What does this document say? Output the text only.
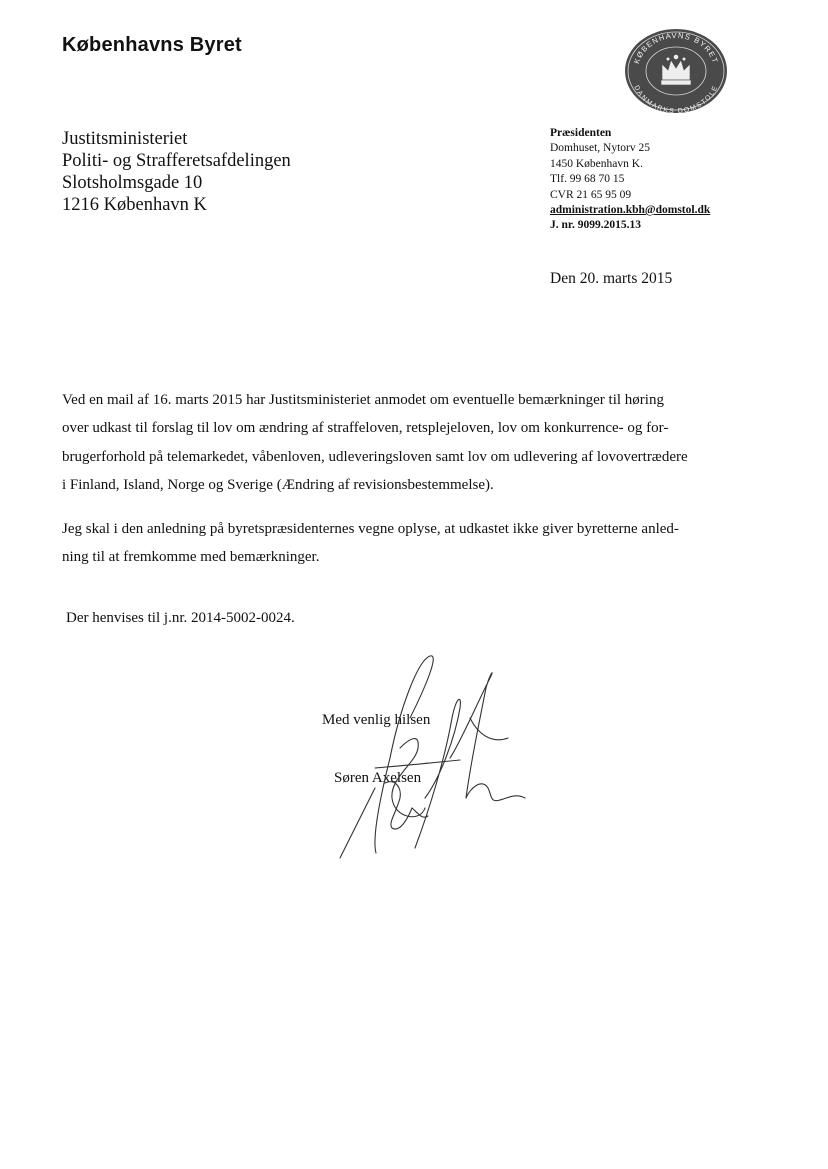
Københavns Byret
KØBENHAVNS BYRET
DANMARKS DOMSTOLE
Justitsministeriet
Politi- og Strafferetsafdelingen
Slotsholmsgade 10
1216 København K
Præsidenten
Domhuset, Nytorv 25
1450 København K.
Tlf. 99 68 70 15
CVR 21 65 95 09
administration.kbh@domstol.dk
J. nr. 9099.2015.13
Den 20. marts 2015
Ved en mail af 16. marts 2015 har Justitsministeriet anmodet om eventuelle bemærkninger til høring
over udkast til forslag til lov om ændring af straffeloven, retsplejeloven, lov om konkurrence- og for-
brugerforhold på telemarkedet, våbenloven, udleveringsloven samt lov om udlevering af lovovertrædere
i Finland, Island, Norge og Sverige (Ændring af revisionsbestemmelse).
Jeg skal i den anledning på byretspræsidenternes vegne oplyse, at udkastet ikke giver byretterne anled-
ning til at fremkomme med bemærkninger.
Der henvises til j.nr. 2014-5002-0024.
Med venlig hilsen
Søren Axelsen
